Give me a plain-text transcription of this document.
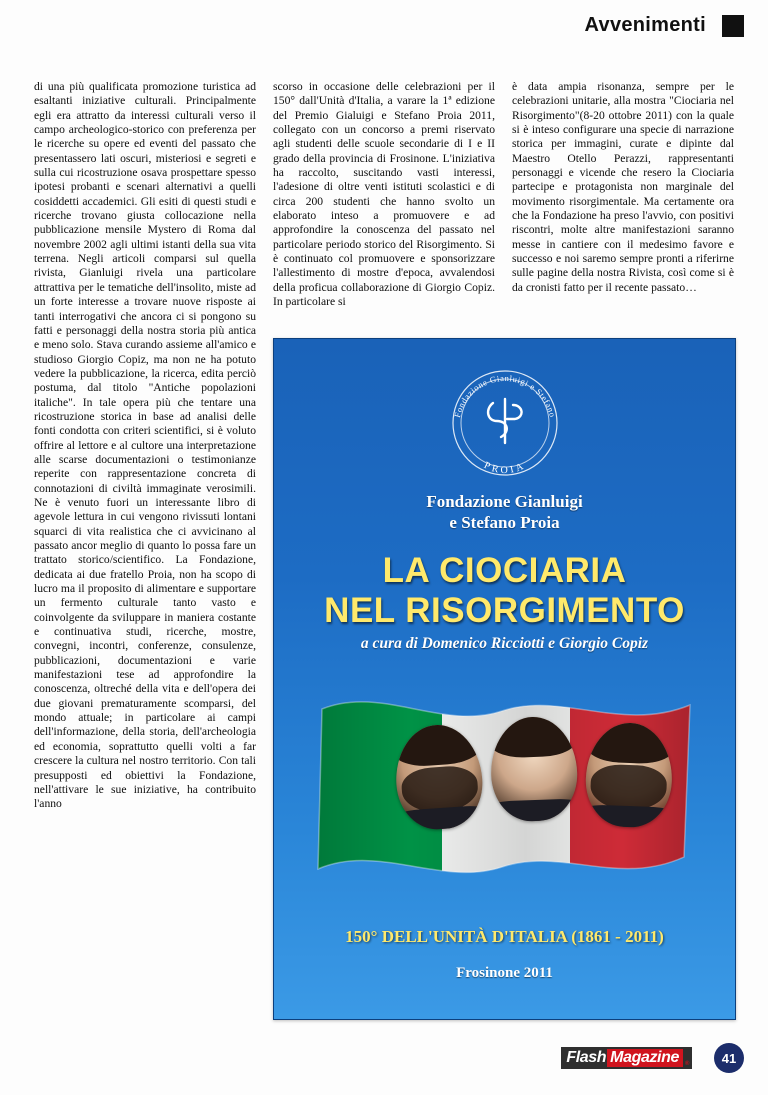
Avvenimenti

di una più qualificata promozione turistica ad esaltanti iniziative culturali. Principalmente egli era attratto da interessi culturali verso il campo archeologico-storico con preferenza per le ricerche su opere ed eventi del passato che presentassero lati oscuri, misteriosi e segreti e sulla cui ricostruzione osava prospettare spesso ipotesi probanti e scenari alternativi a quelli cosiddetti accademici. Gli esiti di questi studi e ricerche trovano giusta collocazione nella pubblicazione mensile Mystero di Roma dal novembre 2002 agli ultimi istanti della sua vita terrena. Negli articoli comparsi sul quella rivista, Gianluigi rivela una particolare attrattiva per le tematiche dell'insolito, miste ad un forte interesse a trovare nuove risposte ai tanti interrogativi che ancora ci si pongono su fatti e personaggi della nostra storia più antica e meno solo. Stava curando assieme all'amico e studioso Giorgio Copiz, ma non ne ha potuto vedere la pubblicazione, la ricerca, edita perciò postuma, dal titolo "Antiche popolazioni italiche". In tale opera più che tentare una ricostruzione storica in base ad analisi delle fonti condotta con criteri scientifici, si è voluto offrire al lettore e al cultore una interpretazione alle scarse documentazioni o testimonianze reperite con rappresentazione concreta di connotazioni di civiltà immaginate verosimili. Ne è venuto fuori un interessante libro di agevole lettura in cui vengono rivissuti lontani squarci di vita realistica che ci avvicinano al passato ancor meglio di quanto lo possa fare un trattato storico/scientifico. La Fondazione, dedicata ai due fratello Proia, non ha scopo di lucro ma il proposito di alimentare e supportare un fermento culturale tanto vasto e coinvolgente da sviluppare in maniera costante e continuativa studi, ricerche, mostre, convegni, incontri, conferenze, consulenze, pubblicazioni, documentazioni e varie manifestazioni tese ad approfondire la conoscenza, oltreché della vita e dell'opera dei due giovani prematuramente scomparsi, del mondo attuale; in particolare ai campi dell'informazione, della storia, dell'archeologia ed economia, soprattutto quelli volti a far crescere la cultura nel nostro territorio. Con tali presupposti ed obiettivi la Fondazione, nell'attivare le sue iniziative, ha contribuito l'anno

scorso in occasione delle celebrazioni per il 150° dall'Unità d'Italia, a varare la 1ª edizione del Premio Gialuigi e Stefano Proia 2011, collegato con un concorso a premi riservato agli studenti delle scuole secondarie di I e II grado della provincia di Frosinone. L'iniziativa ha raccolto, suscitando vasti interessi, l'adesione di oltre venti istituti scolastici e di circa 200 studenti che hanno svolto un elaborato inteso a promuovere e ad approfondire la conoscenza del passato nel particolare periodo storico del Risorgimento. Si è continuato col promuovere e sponsorizzare l'allestimento di mostre d'epoca, avvalendosi della proficua collaborazione di Giorgio Copiz. In particolare si

è data ampia risonanza, sempre per le celebrazioni unitarie, alla mostra "Ciociaria nel Risorgimento"(8-20 ottobre 2011) con la quale si è inteso configurare una specie di narrazione storica per immagini, curate e dipinte dal Maestro Otello Perazzi, rappresentanti personaggi e vicende che resero la Ciociaria partecipe e protagonista non marginale del movimento risorgimentale. Ma certamente ora che la Fondazione ha preso l'avvio, con positivi riscontri, molte altre manifestazioni saranno messe in cantiere con il medesimo favore e successo e noi saremo sempre pronti a riferirne sulle pagine della nostra Rivista, così come si è da cronisti fatto per il recente passato…

Fondazione Gianluigi e Stefano
PROIA
Fondazione Gianluigi
e Stefano Proia
LA CIOCIARIA
NEL RISORGIMENTO
a cura di Domenico Ricciotti e Giorgio Copiz
150° DELL'UNITÀ D'ITALIA (1861 - 2011)
Frosinone 2011
Flash Magazine	®	41
